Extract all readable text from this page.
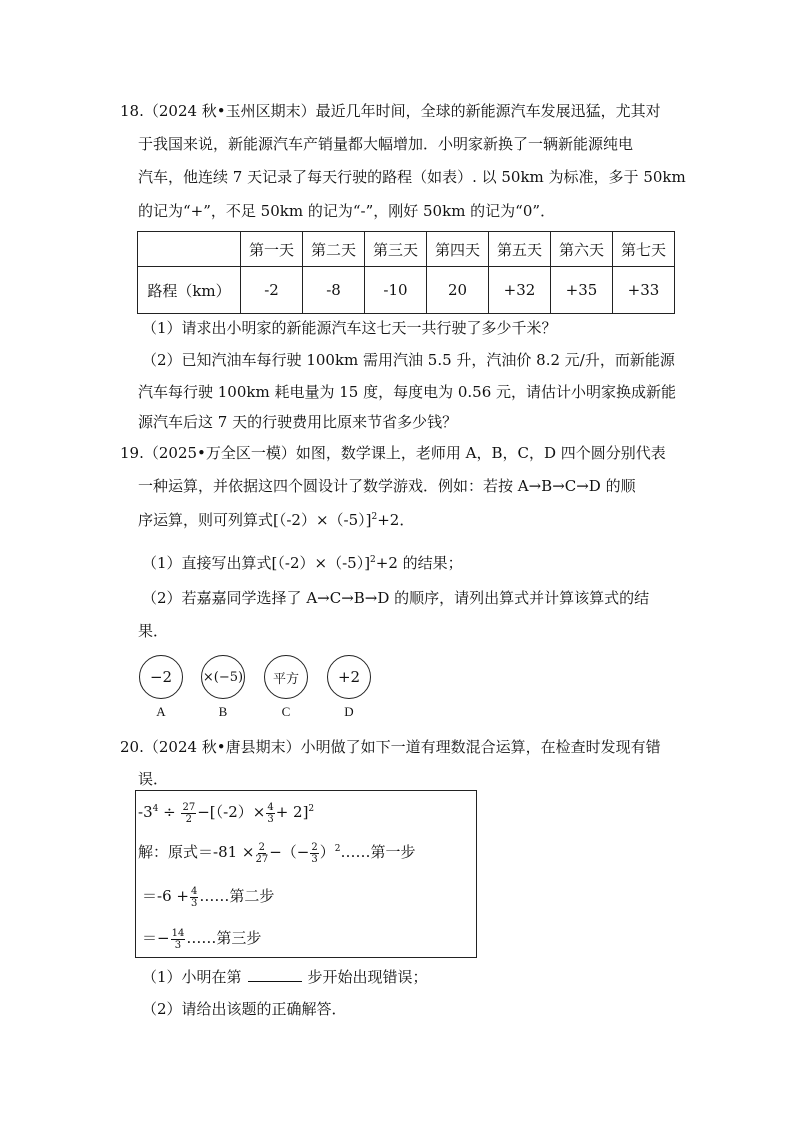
18.（2024 秋•玉州区期末）最近几年时间，全球的新能源汽车发展迅猛，尤其对
于我国来说，新能源汽车产销量都大幅增加．小明家新换了一辆新能源纯电
汽车，他连续 7 天记录了每天行驶的路程（如表）. 以 50km 为标准，多于 50km
的记为“+”，不足 50km 的记为“-”，刚好 50km 的记为“0”．
	第一天	第二天	第三天	第四天	第五天	第六天	第七天
路程（km）	-2	-8	-10	20	+32	+35	+33
（1）请求出小明家的新能源汽车这七天一共行驶了多少千米？
（2）已知汽油车每行驶 100km 需用汽油 5.5 升，汽油价 8.2 元/升，而新能源
汽车每行驶 100km 耗电量为 15 度，每度电为 0.56 元，请估计小明家换成新能
源汽车后这 7 天的行驶费用比原来节省多少钱？
19.（2025•万全区一模）如图，数学课上，老师用 A，B，C，D 四个圆分别代表
一种运算，并依据这四个圆设计了数学游戏．例如：若按 A→B→C→D 的顺
序运算，则可列算式$[(-2)\times(-5)]^2+2$．
（1）直接写出算式$[(-2)\times(-5)]^2+2$ 的结果；
（2）若嘉嘉同学选择了 A→C→B→D 的顺序，请列出算式并计算该算式的结
果．
−2	×(−5)	平方	+2
A	B	C	D
20.（2024 秋•唐县期末）小明做了如下一道有理数混合运算，在检查时发现有错
误．
$-3^4 \div \frac{27}{2} -[(-2)\times \frac{4}{3} + 2]^2$
解：原式$=-81 \times \frac{2}{27}$ −（− $\frac{2}{3}$ ）$^2$……第一步
$=-6 + \frac{4}{3}$ ……第二步
＝− $\frac{14}{3}$ ……第三步
（1）小明在第	步开始出现错误；
（2）请给出该题的正确解答．
